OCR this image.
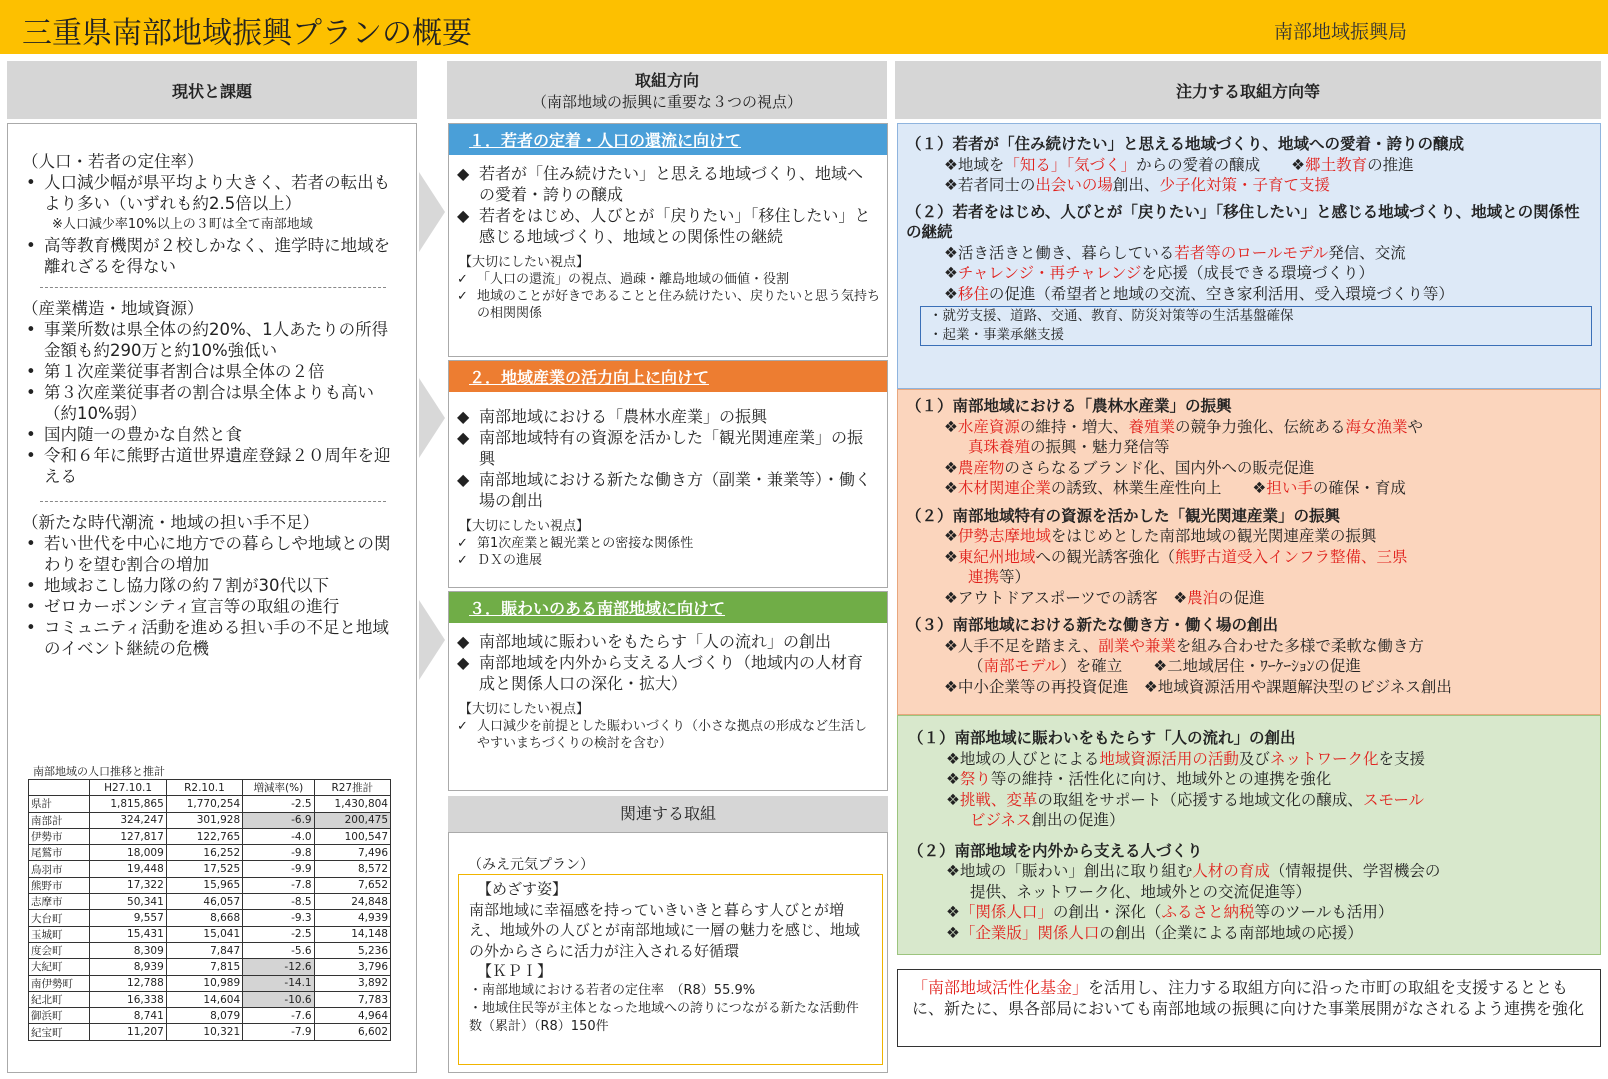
三重県南部地域振興プランの概要	南部地域振興局
現状と課題
取組方向
（南部地域の振興に重要な３つの視点）
注力する取組方向等
（人口・若者の定住率）
• 人口減少幅が県平均より大きく、若者の転出もより多い（いずれも約2.5倍以上）
※人口減少率10%以上の３町は全て南部地域
• 高等教育機関が２校しかなく、進学時に地域を離れざるを得ない
（産業構造・地域資源）
• 事業所数は県全体の約20%、1人あたりの所得金額も約290万と約10%強低い
• 第１次産業従事者割合は県全体の２倍
• 第３次産業従事者の割合は県全体よりも高い（約10%弱）
• 国内随一の豊かな自然と食
• 令和６年に熊野古道世界遺産登録２０周年を迎える
（新たな時代潮流・地域の担い手不足）
• 若い世代を中心に地方での暮らしや地域との関わりを望む割合の増加
• 地域おこし協力隊の約７割が30代以下
• ゼロカーボンシティ宣言等の取組の進行
• コミュニティ活動を進める担い手の不足と地域のイベント継続の危機
南部地域の人口推移と推計
	H27.10.1	R2.10.1	増減率(%)	R27推計
県計	1,815,865	1,770,254	-2.5	1,430,804
南部計	324,247	301,928	-6.9	200,475
伊勢市	127,817	122,765	-4.0	100,547
尾鷲市	18,009	16,252	-9.8	7,496
鳥羽市	19,448	17,525	-9.9	8,572
熊野市	17,322	15,965	-7.8	7,652
志摩市	50,341	46,057	-8.5	24,848
大台町	9,557	8,668	-9.3	4,939
玉城町	15,431	15,041	-2.5	14,148
度会町	8,309	7,847	-5.6	5,236
大紀町	8,939	7,815	-12.6	3,796
南伊勢町	12,788	10,989	-14.1	3,892
紀北町	16,338	14,604	-10.6	7,783
御浜町	8,741	8,079	-7.6	4,964
紀宝町	11,207	10,321	-7.9	6,602
１．若者の定着・人口の還流に向けて
◆ 若者が「住み続けたい」と思える地域づくり、地域への愛着・誇りの醸成
◆ 若者をはじめ、人びとが「戻りたい」「移住したい」と感じる地域づくり、地域との関係性の継続
【大切にしたい視点】
✓ 「人口の還流」の視点、過疎・離島地域の価値・役割
✓ 地域のことが好きであることと住み続けたい、戻りたいと思う気持ちの相関関係
２．地域産業の活力向上に向けて
◆ 南部地域における「農林水産業」の振興
◆ 南部地域特有の資源を活かした「観光関連産業」の振興
◆ 南部地域における新たな働き方（副業・兼業等）・働く場の創出
【大切にしたい視点】
✓ 第1次産業と観光業との密接な関係性
✓ ＤＸの進展
３．賑わいのある南部地域に向けて
◆ 南部地域に賑わいをもたらす「人の流れ」の創出
◆ 南部地域を内外から支える人づくり（地域内の人材育成と関係人口の深化・拡大）
【大切にしたい視点】
✓ 人口減少を前提とした賑わいづくり（小さな拠点の形成など生活しやすいまちづくりの検討を含む）
関連する取組
（みえ元気プラン）
【めざす姿】
南部地域に幸福感を持っていきいきと暮らす人びとが増え、地域外の人びとが南部地域に一層の魅力を感じ、地域の外からさらに活力が注入される好循環
【ＫＰＩ】
・南部地域における若者の定住率　（R8）55.9%
・地域住民等が主体となった地域への誇りにつながる新たな活動件数（累計）（R8）150件
（１）若者が「住み続けたい」と思える地域づくり、地域への愛着・誇りの醸成
❖地域を「知る」「気づく」からの愛着の醸成　　❖郷土教育の推進
❖若者同士の出会いの場創出、少子化対策・子育て支援
（２）若者をはじめ、人びとが「戻りたい」「移住したい」と感じる地域づくり、地域との関係性の継続
❖活き活きと働き、暮らしている若者等のロールモデル発信、交流
❖チャレンジ・再チャレンジを応援（成長できる環境づくり）
❖移住の促進（希望者と地域の交流、空き家利活用、受入環境づくり等）
・就労支援、道路、交通、教育、防災対策等の生活基盤確保
・起業・事業承継支援
（１）南部地域における「農林水産業」の振興
❖水産資源の維持・増大、養殖業の競争力強化、伝統ある海女漁業や
真珠養殖の振興・魅力発信等
❖農産物のさらなるブランド化、国内外への販売促進
❖木材関連企業の誘致、林業生産性向上　　❖担い手の確保・育成
（２）南部地域特有の資源を活かした「観光関連産業」の振興
❖伊勢志摩地域をはじめとした南部地域の観光関連産業の振興
❖東紀州地域への観光誘客強化（熊野古道受入インフラ整備、三県
連携等）
❖アウトドアスポーツでの誘客　❖農泊の促進
（３）南部地域における新たな働き方・働く場の創出
❖人手不足を踏まえ、副業や兼業を組み合わせた多様で柔軟な働き方
（南部モデル）を確立　　❖二地域居住・ﾜｰｹｰｼｮﾝの促進
❖中小企業等の再投資促進　❖地域資源活用や課題解決型のビジネス創出
（１）南部地域に賑わいをもたらす「人の流れ」の創出
❖地域の人びとによる地域資源活用の活動及びネットワーク化を支援
❖祭り等の維持・活性化に向け、地域外との連携を強化
❖挑戦、変革の取組をサポート（応援する地域文化の醸成、スモール
ビジネス創出の促進）
（２）南部地域を内外から支える人づくり
❖地域の「賑わい」創出に取り組む人材の育成（情報提供、学習機会の
提供、ネットワーク化、地域外との交流促進等）
❖「関係人口」の創出・深化（ふるさと納税等のツールも活用）
❖「企業版」関係人口の創出（企業による南部地域の応援）
「南部地域活性化基金」を活用し、注力する取組方向に沿った市町の取組を支援するとともに、新たに、県各部局においても南部地域の振興に向けた事業展開がなされるよう連携を強化
